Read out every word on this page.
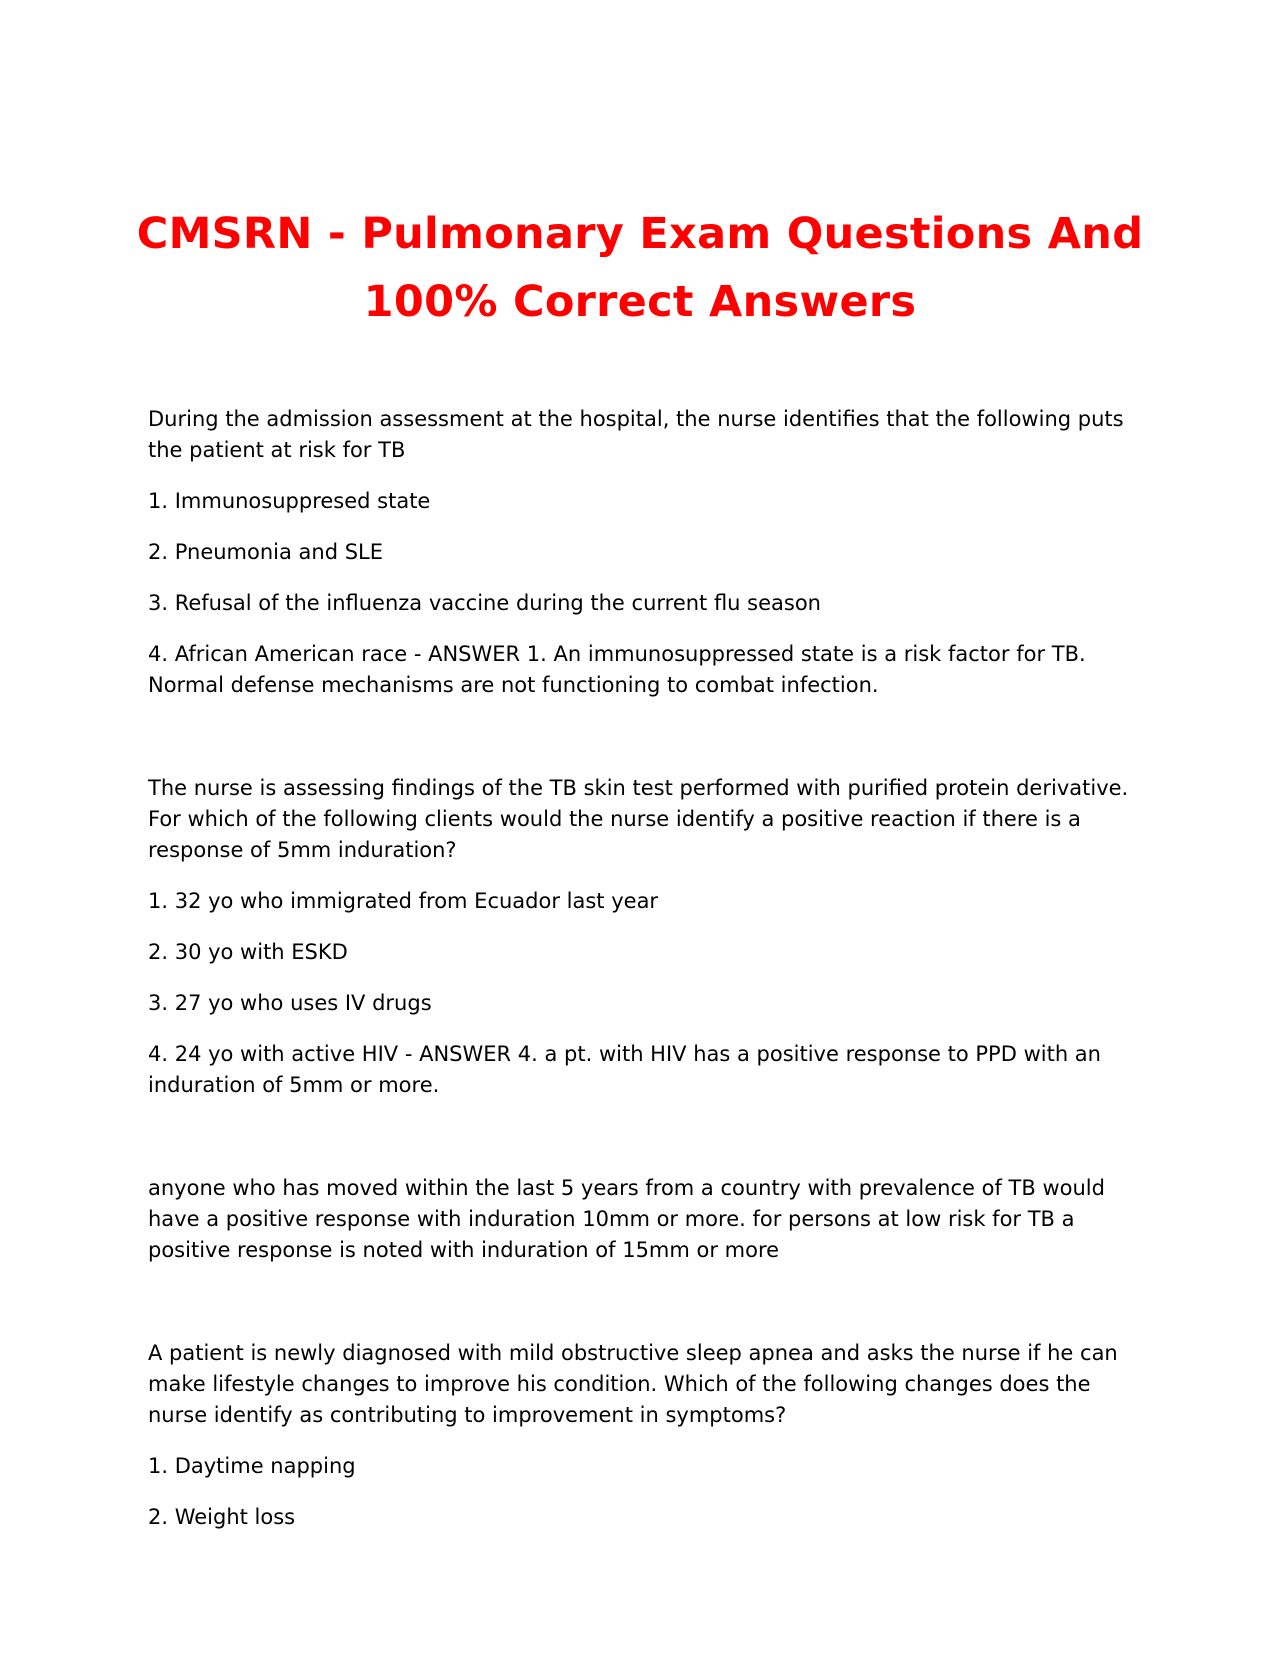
CMSRN - Pulmonary Exam Questions And
100% Correct Answers

During the admission assessment at the hospital, the nurse identifies that the following puts the patient at risk for TB

1. Immunosuppresed state

2. Pneumonia and SLE

3. Refusal of the influenza vaccine during the current flu season

4. African American race - ANSWER 1. An immunosuppressed state is a risk factor for TB. Normal defense mechanisms are not functioning to combat infection.

The nurse is assessing findings of the TB skin test performed with purified protein derivative. For which of the following clients would the nurse identify a positive reaction if there is a response of 5mm induration?

1. 32 yo who immigrated from Ecuador last year

2. 30 yo with ESKD

3. 27 yo who uses IV drugs

4. 24 yo with active HIV - ANSWER 4. a pt. with HIV has a positive response to PPD with an induration of 5mm or more.

anyone who has moved within the last 5 years from a country with prevalence of TB would have a positive response with induration 10mm or more. for persons at low risk for TB a positive response is noted with induration of 15mm or more

A patient is newly diagnosed with mild obstructive sleep apnea and asks the nurse if he can make lifestyle changes to improve his condition. Which of the following changes does the nurse identify as contributing to improvement in symptoms?

1. Daytime napping

2. Weight loss
